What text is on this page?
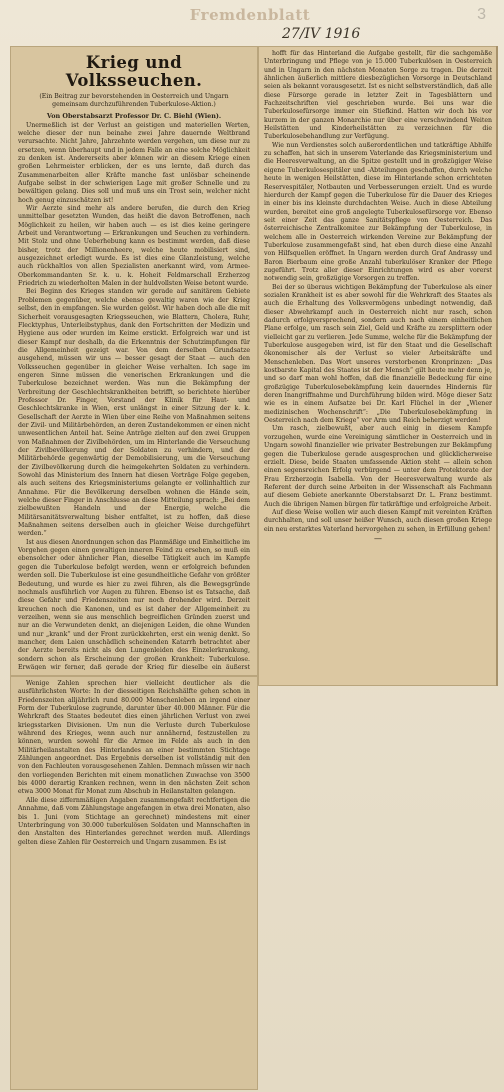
Fremdenblatt	3
27/IV 1916
Krieg und Volksseuchen.
(Ein Beitrag zur bevorstehenden in Oesterreich und Ungarn gemeinsam durchzuführenden Tuberkulose-Aktion.)
Von Oberstabsarzt Professor Dr. C. Biehl (Wien).

Unermeßlich ist der Verlust an geistigen und materiellen Werten, welche dieser der nun beinahe zwei Jahre dauernde Weltbrand verursachte. Nicht Jahre, Jahrzehnte werden vergehen, um diese nur zu ersetzen, wenn überhaupt und in jedem Falle an eine solche Möglichkeit zu denken ist. Andererseits aber können wir an diesem Kriege einen großen Lehrmeister erblicken, der es uns lernte, daß durch das Zusammenarbeiten aller Kräfte manche fast unlösbar scheinende Aufgabe selbst in der schwierigen Lage mit großer Schnelle und zu bewältigen gelang. Dies soll und muß uns ein Trost sein, welcher nicht hoch genug einzuschätzen ist!

Wir Aerzte sind mehr als andere berufen, die durch den Krieg unmittelbar gesetzten Wunden, das heißt die davon Betroffenen, nach Möglichkeit zu heilen, wir haben auch — es ist dies keine geringere Arbeit und Verantwortung — Erkrankungen und Seuchen zu verhindern. Mit Stolz und ohne Ueberhebung kann es bestimmt werden, daß diese bisher, trotz der Millionenheere, welche heute mobilisiert sind, ausgezeichnet erledigt wurde. Es ist dies eine Glanzleistung, welche auch rückhaltlos von allen Spezialisten anerkannt wird, vom Armee-Oberkommandanten Sr. k. u. k. Hoheit Feldmarschall Erzherzog Friedrich zu wiederholten Malen in der huldvollsten Weise betont wurde.

Bei Beginn des Krieges standen wir gerade auf sanitärem Gebiete Problemen gegenüber, welche ebenso gewaltig waren wie der Krieg selbst, den in empfangen. Sie wurden gelöst. Wir haben doch alle die mit Sicherheit vorausgesagten Kriegsseuchen, wie Blattern, Cholera, Ruhr, Flecktyphus, Unterleibstyphus, dank den Fortschritten der Medizin und Hygiene aus oder wurden im Keime erstickt. Erfolgreich war und ist dieser Kampf nur deshalb, da die Erkenntnis der Schutzimpfungen für die Allgemeinheit gezeigt war. Von dem derselben Grundsatze ausgehend, müssen wir uns — besser gesagt der Staat — auch den Volksseuchen gegenüber in gleicher Weise verhalten. Ich sage im engeren Sinne müssen die venerischen Erkrankungen und die Tuberkulose bezeichnet werden. Was nun die Bekämpfung der Verbreitung der Geschlechtskrankheiten betrifft, so berichtete hierüber Professor Dr. Finger, Vorstand der Klinik für Haut- und Geschlechtskranke in Wien, erst unlängst in einer Sitzung der k. k. Gesellschaft der Aerzte in Wien über eine Reihe von Maßnahmen seitens der Zivil- und Militärbehörden, an deren Zustandekommen er einen nicht unwesentlichen Anteil hat. Seine Anträge zielten auf den zwei Gruppen von Maßnahmen der Zivilbehörden, um im Hinterlande die Verseuchung der Zivilbevölkerung und der Soldaten zu verhindern, und der Militärbehörde gegenwärtig der Demobilisierung, um die Verseuchung der Zivilbevölkerung durch die heimgekehrten Soldaten zu verhindern. Sowohl das Ministerium des Innern hat diesen Vorträge Folge gegeben, als auch seitens des Kriegsministeriums gelangte er vollinhaltlich zur Annahme. Für die Bevölkerung derselben wohnen die Hände sein, welche dieser Finger in Anschlusse an diese Mitteilung sprach: „Bei dem zielbewußten Handeln und der Energie, welche die Militärsanitätsverwaltung bisher entfaltet, ist zu hoffen, daß diese Maßnahmen seitens derselben auch in gleicher Weise durchgeführt werden.“

Ist aus diesen Anordnungen schon das Planmäßige und Einheitliche im Vorgehen gegen einen gewaltigen inneren Feind zu ersehen, so muß ein ebensolcher oder ähnlicher Plan, dieselbe Tätigkeit auch im Kampfe gegen die Tuberkulose befolgt werden, wenn er erfolgreich befunden werden soll. Die Tuberkulose ist eine gesundheitliche Gefahr von größter Bedeutung, und wurde es hier zu zwei führen, als die Bewegsgründe nochmals ausführlich vor Augen zu führen. Ebenso ist es Tatsache, daß diese Gefahr und Friedenszeiten nur noch drohender wird. Derzeit kreuchen noch die Kanonen, und es ist daher der Allgemeinheit zu verzeihen, wenn sie aus menschlich begreiflichen Gründen zuerst und nur an die Verwundeten denkt, an diejenigen Leiden, die ohne Wunden und nur „krank“ und der Front zurückkehrten, erst ein wenig denkt. So mancher, dem Laien unschädlich scheinenden Katarrh betrachtet aber der Aerzte bereits nicht als den Lungenleiden des Einzelerkrankung, sondern schon als Erscheinung der großen Krankheit: Tuberkulose. Erwägen wir ferner, daß gerade der Krieg für dieselbe ein äußerst

hofft für das Hinterland die Aufgabe gestellt, für die sachgemäße Unterbringung und Pflege von je 15.000 Tuberkulösen in Oesterreich und in Ungarn in den nächsten Monaten Sorge zu tragen. Die derzeit ähnlichen äußerlich mittlere diesbezüglichen Vorsorge in Deutschland seien als bekannt vorausgesetzt. Ist es nicht selbstverständlich, daß alle diese Fürsorge gerade in letzter Zeit in Tagesblättern und Fachzeitschriften viel geschrieben wurde. Bei uns war die Tuberkulosefürsorge immer ein Stiefkind. Hatten wir doch bis vor kurzem in der ganzen Monarchie nur über eine verschwindend Weiten Heilstätten und Kinderheilstätten zu verzeichnen für die Tuberkulosebehandlung zur Verfügung.

Wie nun Verdienstes solch außerordentlichen und tatkräftige Abhilfe zu schaffen, hat sich in unserem Vaterlande das Kriegsministerium und die Heeresverwaltung, an die Spitze gestellt und in großzügiger Weise eigene Tuberkulosespitäler und -Abteilungen geschaffen, durch welche heute in wenigen Heilstätten, diese im Hinterlande schon errichteten Reservespitäler, Notbauten und Verbesserungen erzielt. Und es wurde hierdurch der Kampf gegen die Tuberkulose für die Dauer des Krieges in einer bis ins kleinste durchdachten Weise. Auch in diese Abteilung wurden, bereitet eine groß angelegte Tuberkulosefürsorge vor. Ebenso seit einer Zeit das ganze Sanitätspflege von Oesterreich. Das österreichische Zentralkomitee zur Bekämpfung der Tuberkulose, in welchem alle in Oesterreich wirkenden Vereine zur Bekämpfung der Tuberkulose zusammengefaßt sind, hat eben durch diese eine Anzahl von Hilfsquellen eröffnet. In Ungarn werden durch Graf Andrassy und Baron Bierbaum eine große Anzahl tuberkulöser Kranker der Pflege zugeführt. Trotz aller dieser Einrichtungen wird es aber vorerst notwendig sein, großzügige Vorsorgen zu treffen.

Bei der so überaus wichtigen Bekämpfung der Tuberkulose als einer sozialen Krankheit ist es aber sowohl für die Wehrkraft des Staates als auch die Erhaltung des Volksvermögens unbedingt notwendig, daß dieser Abwehrkampf auch in Oesterreich nicht nur rasch, schon dadurch erfolgversprechend, sondern auch nach einem einheitlichen Plane erfolge, um rasch sein Ziel, Geld und Kräfte zu zersplittern oder vielleicht gar zu verlieren. Jede Summe, welche für die Bekämpfung der Tuberkulose ausgegeben wird, ist für den Staat und die Gesellschaft ökonomischer als der Verlust so vieler Arbeitskräfte und Menschenleben. Das Wort unseres verstorbenen Kronprinzen: „Das kostbarste Kapital des Staates ist der Mensch“ gilt heute mehr denn je, und so darf man wohl hoffen, daß die finanzielle Bedeckung für eine großzügige Tuberkulosebekämpfung kein dauerndes Hindernis für deren Inangriffnahme und Durchführung bilden wird. Möge dieser Satz wie es in einem Aufsatze bei Dr. Karl Flüchel in der „Wiener medizinischen Wochenschrift“: „Die Tuberkulosebekämpfung in Oesterreich nach dem Kriege“ vor Arm und Reich beherzigt werden!

Um rasch, zielbewußt, aber auch einig in diesem Kampfe vorzugehen, wurde eine Vereinigung sämtlicher in Oesterreich und in Ungarn sowohl finanzieller wie privater Bestrebungen zur Bekämpfung gegen die Tuberkulose gerade ausgesprochen und glücklicherweise erzielt. Diese, beide Staaten umfassende Aktion steht — allein schon einen segensreichen Erfolg verbürgend — unter dem Protektorate der Frau Erzherzogin Isabella. Von der Heeresverwaltung wurde als Referent der durch seine Arbeiten in der Wissenschaft als Fachmann auf diesem Gebiete anerkannte Oberstabsarzt Dr. L. Franz bestimmt. Auch die übrigen Namen bürgen für tatkräftige und erfolgreiche Arbeit.

Auf diese Weise wollen wir auch diesen Kampf mit vereinten Kräften durchhalten, und soll unser heißer Wunsch, auch diesen großen Kriege ein neu erstarktes Vaterland hervorgehen zu sehen, in Erfüllung gehen!

—

Wenige Zahlen sprechen hier vielleicht deutlicher als die ausführlichsten Worte: In der diesseitigen Reichshälfte gehen schon in Friedenszeiten alljährlich rund 80.000 Menschenleben an irgend einer Form der Tuberkulose zugrunde, darunter über 40.000 Männer. Für die Wehrkraft des Staates bedeutet dies einen jährlichen Verlust von zwei kriegsstarken Divisionen. Um nun die Verluste durch Tuberkulose während des Krieges, wenn auch nur annähernd, festzustellen zu können, wurden sowohl für die Armee im Felde als auch in den Militärheilanstalten des Hinterlandes an einer bestimmten Stichtage Zählungen angeordnet. Das Ergebnis derselben ist vollständig mit den von den Fachleuten vorausgesehenen Zahlen. Demnach müssen wir nach den vorliegenden Berichten mit einem monatlichen Zuwachse von 3500 bis 4000 derartig Kranken rechnen, wenn in den nächsten Zeit schon etwa 3000 Monat für Monat zum Abschub in Heilanstalten gelangen.

Alle diese ziffernmäßigen Angaben zusammengefaßt rechtfertigen die Annahme, daß vom Zählungstage angefangen in etwa drei Monaten, also bis 1. Juni (vom Stichtage an gerechnet) mindestens mit einer Unterbringung von 30.000 tuberkulösen Soldaten und Mannschaften in den Anstalten des Hinterlandes gerechnet werden muß. Allerdings gelten diese Zahlen für Oesterreich und Ungarn zusammen. Es ist
